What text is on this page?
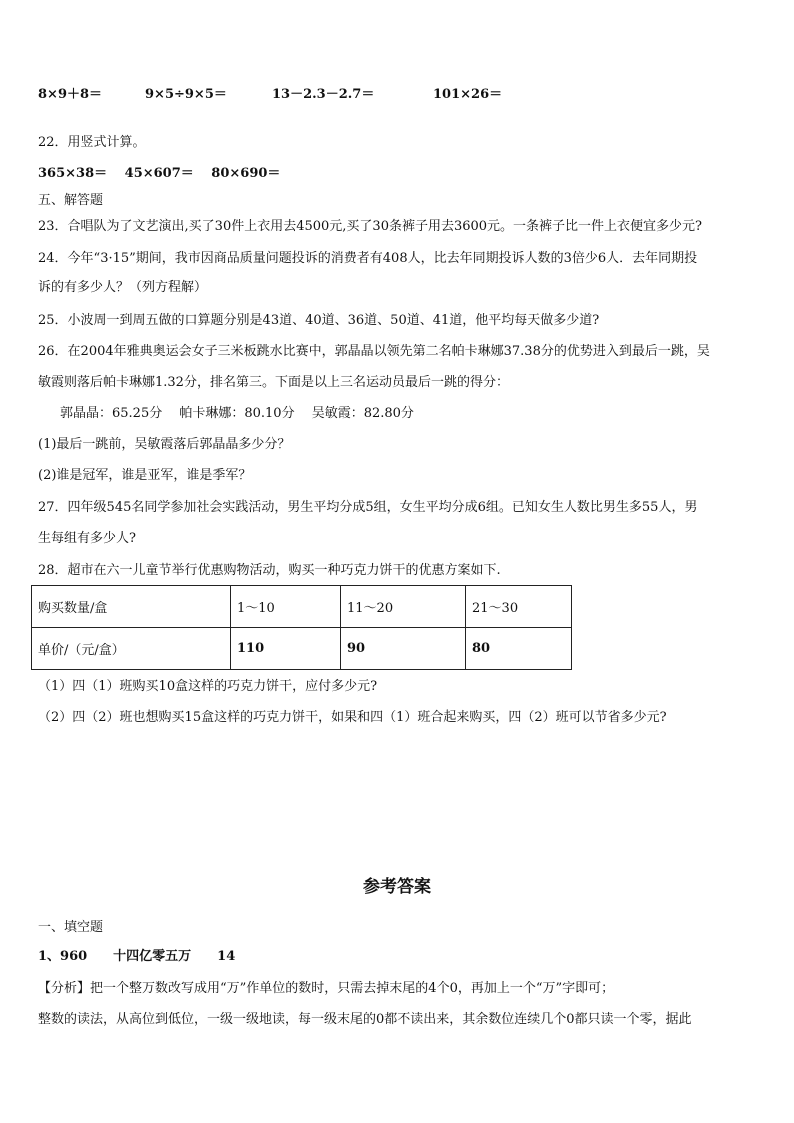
8×9＋8＝	9×5÷9×5＝	13－2.3－2.7＝	101×26＝
22．用竖式计算。
365×38＝　 45×607＝　 80×690＝
五、解答题
23．合唱队为了文艺演出,买了30件上衣用去4500元,买了30条裤子用去3600元。一条裤子比一件上衣便宜多少元?
24．今年“3·15”期间，我市因商品质量问题投诉的消费者有408人，比去年同期投诉人数的3倍少6人．去年同期投
诉的有多少人？（列方程解）
25．小波周一到周五做的口算题分别是43道、40道、36道、50道、41道，他平均每天做多少道?
26．在2004年雅典奥运会女子三米板跳水比赛中，郭晶晶以领先第二名帕卡琳娜37.38分的优势进入到最后一跳，吴
敏霞则落后帕卡琳娜1.32分，排名第三。下面是以上三名运动员最后一跳的得分：
郭晶晶：65.25分　 帕卡琳娜：80.10分　 吴敏霞：82.80分
(1)最后一跳前，吴敏霞落后郭晶晶多少分？
(2)谁是冠军，谁是亚军，谁是季军？
27．四年级545名同学参加社会实践活动，男生平均分成5组，女生平均分成6组。已知女生人数比男生多55人，男
生每组有多少人?
28．超市在六一儿童节举行优惠购物活动，购买一种巧克力饼干的优惠方案如下.
购买数量/盒	1～10	11～20	21～30
单价/（元/盒）	110	90	80
（1）四（1）班购买10盒这样的巧克力饼干，应付多少元?
（2）四（2）班也想购买15盒这样的巧克力饼干，如果和四（1）班合起来购买，四（2）班可以节省多少元?
参考答案
一、填空题
1、960　　十四亿零五万　　14
【分析】把一个整万数改写成用“万”作单位的数时，只需去掉末尾的4个0，再加上一个“万”字即可；
整数的读法，从高位到低位，一级一级地读，每一级末尾的0都不读出来，其余数位连续几个0都只读一个零，据此
